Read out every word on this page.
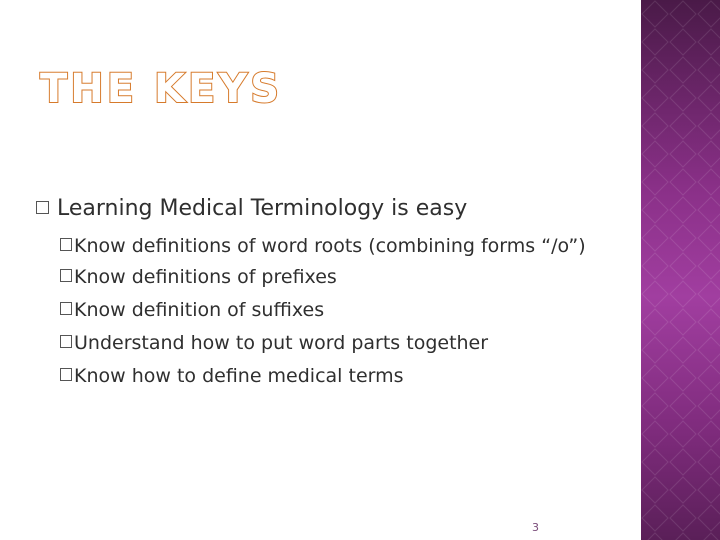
THE KEYS
Learning Medical Terminology is easy
Know definitions of word roots (combining forms “/o”)
Know definitions of prefixes
Know definition of suffixes
Understand how to put word parts together
Know how to define medical terms
3
